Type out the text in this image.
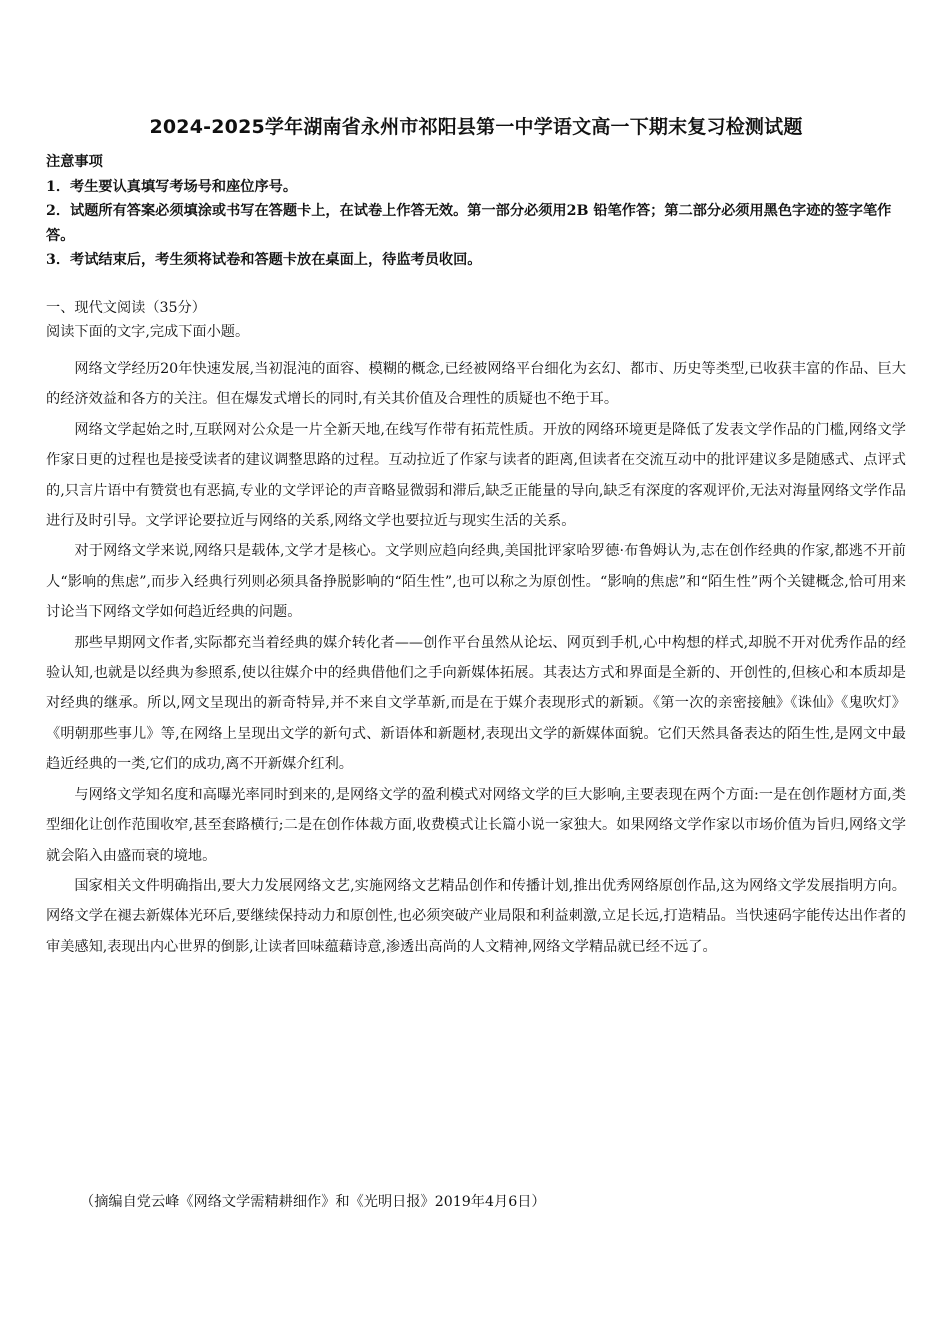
2024-2025学年湖南省永州市祁阳县第一中学语文高一下期末复习检测试题

注意事项

1．考生要认真填写考场号和座位序号。

2．试题所有答案必须填涂或书写在答题卡上，在试卷上作答无效。第一部分必须用2B 铅笔作答；第二部分必须用黑色字迹的签字笔作答。

3．考试结束后，考生须将试卷和答题卡放在桌面上，待监考员收回。

一、现代文阅读（35分）

阅读下面的文字,完成下面小题。

网络文学经历20年快速发展,当初混沌的面容、模糊的概念,已经被网络平台细化为玄幻、都市、历史等类型,已收获丰富的作品、巨大的经济效益和各方的关注。但在爆发式增长的同时,有关其价值及合理性的质疑也不绝于耳。

网络文学起始之时,互联网对公众是一片全新天地,在线写作带有拓荒性质。开放的网络环境更是降低了发表文学作品的门槛,网络文学作家日更的过程也是接受读者的建议调整思路的过程。互动拉近了作家与读者的距离,但读者在交流互动中的批评建议多是随感式、点评式的,只言片语中有赞赏也有恶搞,专业的文学评论的声音略显微弱和滞后,缺乏正能量的导向,缺乏有深度的客观评价,无法对海量网络文学作品进行及时引导。文学评论要拉近与网络的关系,网络文学也要拉近与现实生活的关系。

对于网络文学来说,网络只是载体,文学才是核心。文学则应趋向经典,美国批评家哈罗德·布鲁姆认为,志在创作经典的作家,都逃不开前人“影响的焦虑”,而步入经典行列则必须具备挣脱影响的“陌生性”,也可以称之为原创性。“影响的焦虑”和“陌生性”两个关键概念,恰可用来讨论当下网络文学如何趋近经典的问题。

那些早期网文作者,实际都充当着经典的媒介转化者——创作平台虽然从论坛、网页到手机,心中构想的样式,却脱不开对优秀作品的经验认知,也就是以经典为参照系,使以往媒介中的经典借他们之手向新媒体拓展。其表达方式和界面是全新的、开创性的,但核心和本质却是对经典的继承。所以,网文呈现出的新奇特异,并不来自文学革新,而是在于媒介表现形式的新颖。《第一次的亲密接触》《诛仙》《鬼吹灯》《明朝那些事儿》等,在网络上呈现出文学的新句式、新语体和新题材,表现出文学的新媒体面貌。它们天然具备表达的陌生性,是网文中最趋近经典的一类,它们的成功,离不开新媒介红利。

与网络文学知名度和高曝光率同时到来的,是网络文学的盈利模式对网络文学的巨大影响,主要表现在两个方面:一是在创作题材方面,类型细化让创作范围收窄,甚至套路横行;二是在创作体裁方面,收费模式让长篇小说一家独大。如果网络文学作家以市场价值为旨归,网络文学就会陷入由盛而衰的境地。

国家相关文件明确指出,要大力发展网络文艺,实施网络文艺精品创作和传播计划,推出优秀网络原创作品,这为网络文学发展指明方向。网络文学在褪去新媒体光环后,要继续保持动力和原创性,也必须突破产业局限和利益刺激,立足长远,打造精品。当快速码字能传达出作者的审美感知,表现出内心世界的倒影,让读者回味蕴藉诗意,渗透出高尚的人文精神,网络文学精品就已经不远了。

（摘编自党云峰《网络文学需精耕细作》和《光明日报》2019年4月6日）
